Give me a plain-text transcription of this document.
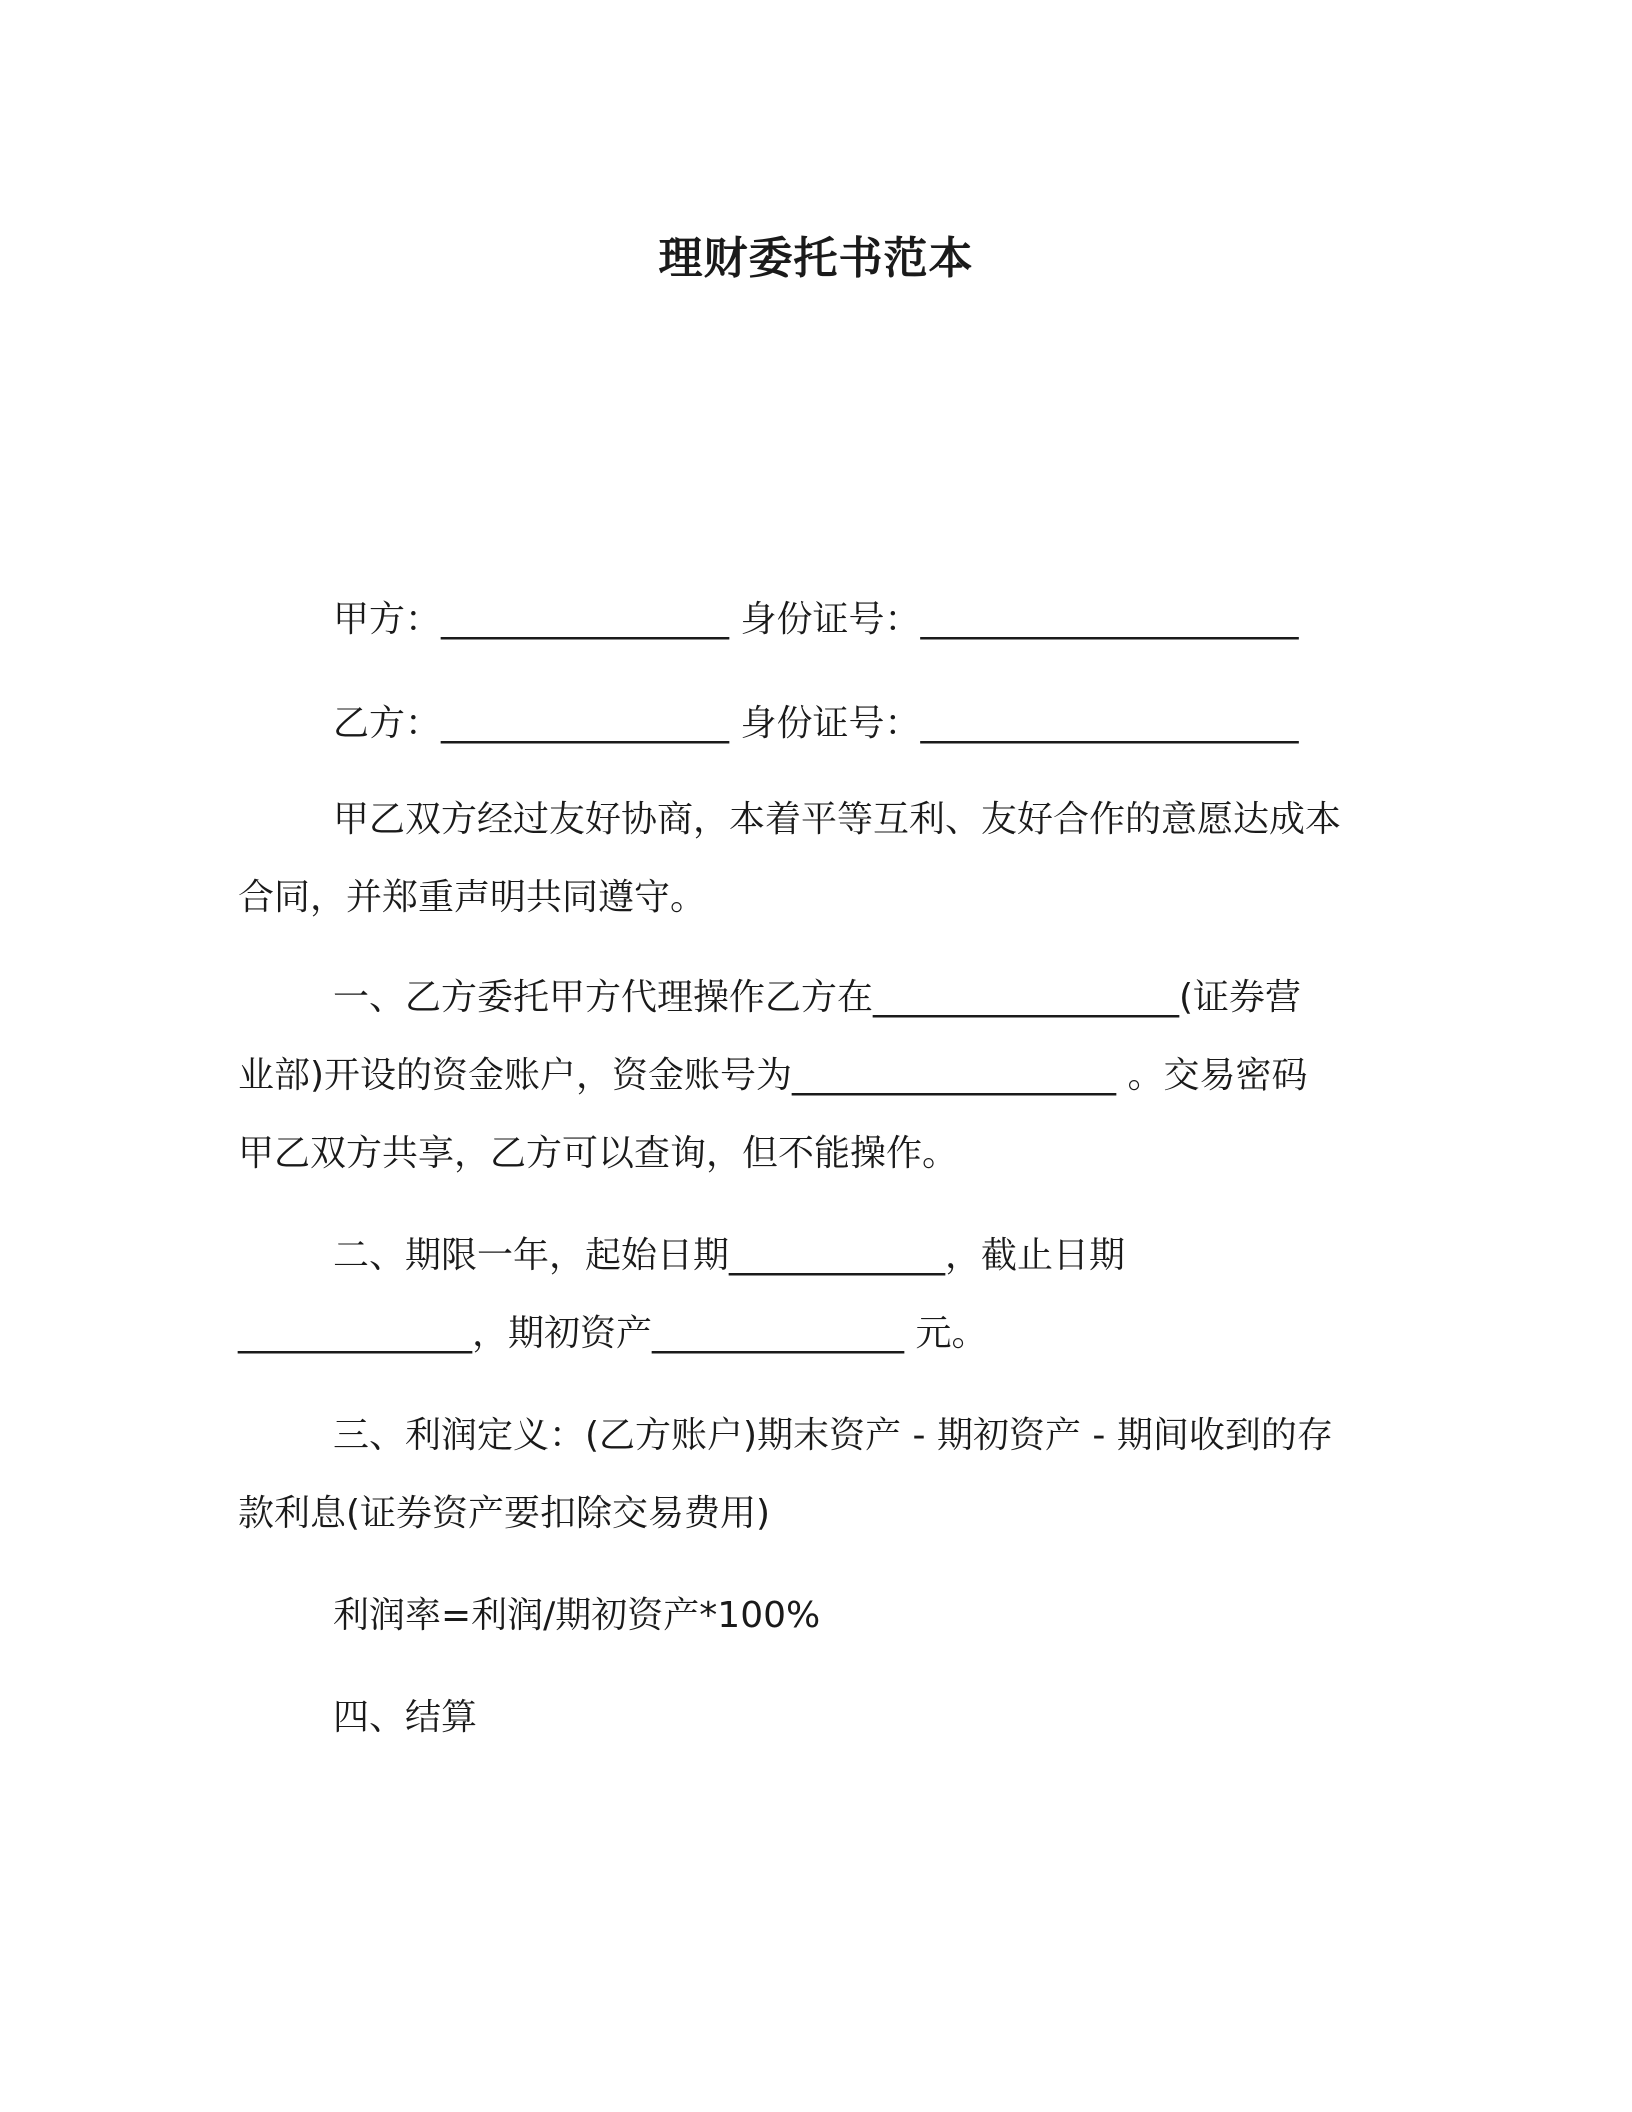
理财委托书范本
甲方：________________ 身份证号：_____________________
乙方：________________ 身份证号：_____________________
甲乙双方经过友好协商，本着平等互利、友好合作的意愿达成本
合同，并郑重声明共同遵守。
一、乙方委托甲方代理操作乙方在_________________(证券营
业部)开设的资金账户，资金账号为__________________ 。交易密码
甲乙双方共享，乙方可以查询，但不能操作。
二、期限一年，起始日期____________，截止日期
_____________，期初资产______________ 元。
三、利润定义：(乙方账户)期末资产 - 期初资产 - 期间收到的存
款利息(证券资产要扣除交易费用)
利润率=利润/期初资产*100%
四、结算
